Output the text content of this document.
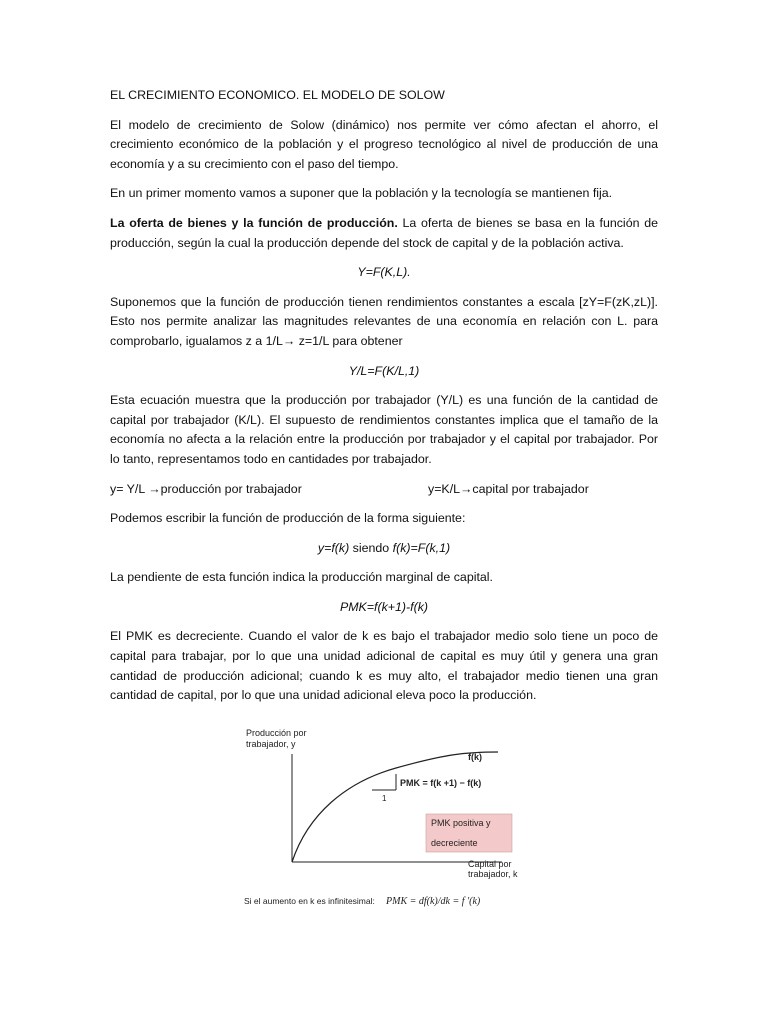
EL CRECIMIENTO ECONOMICO. EL MODELO DE SOLOW

El modelo de crecimiento de Solow (dinámico) nos permite ver cómo afectan el ahorro, el crecimiento económico de la población y el progreso tecnológico al nivel de producción de una economía y a su crecimiento con el paso del tiempo.

En un primer momento vamos a suponer que la población y la tecnología se mantienen fija.

La oferta de bienes y la función de producción. La oferta de bienes se basa en la función de producción, según la cual la producción depende del stock de capital y de la población activa.

Y=F(K,L).

Suponemos que la función de producción tienen rendimientos constantes a escala [zY=F(zK,zL)]. Esto nos permite analizar las magnitudes relevantes de una economía en relación con L. para comprobarlo, igualamos z a 1/L→ z=1/L para obtener

Y/L=F(K/L,1)

Esta ecuación muestra que la producción por trabajador (Y/L) es una función de la cantidad de capital por trabajador (K/L). El supuesto de rendimientos constantes implica que el tamaño de la economía no afecta a la relación entre la producción por trabajador y el capital por trabajador. Por lo tanto, representamos todo en cantidades por trabajador.

y= Y/L →producción por trabajador	y=K/L→capital por trabajador

Podemos escribir la función de producción de la forma siguiente:

y=f(k) siendo f(k)=F(k,1)

La pendiente de esta función indica la producción marginal de capital.

PMK=f(k+1)-f(k)

El PMK es decreciente. Cuando el valor de k es bajo el trabajador medio solo tiene un poco de capital para trabajar, por lo que una unidad adicional de capital es muy útil y genera una gran cantidad de producción adicional; cuando k es muy alto, el trabajador medio tienen una gran cantidad de capital, por lo que una unidad adicional eleva poco la producción.

Producción por
trabajador, y
f(k)
1
PMK = f(k +1) − f(k)
PMK positiva y
decreciente
Capital por
trabajador, k
Si el aumento en k es infinitesimal: PMK = df(k)/dk = f ′(k)
